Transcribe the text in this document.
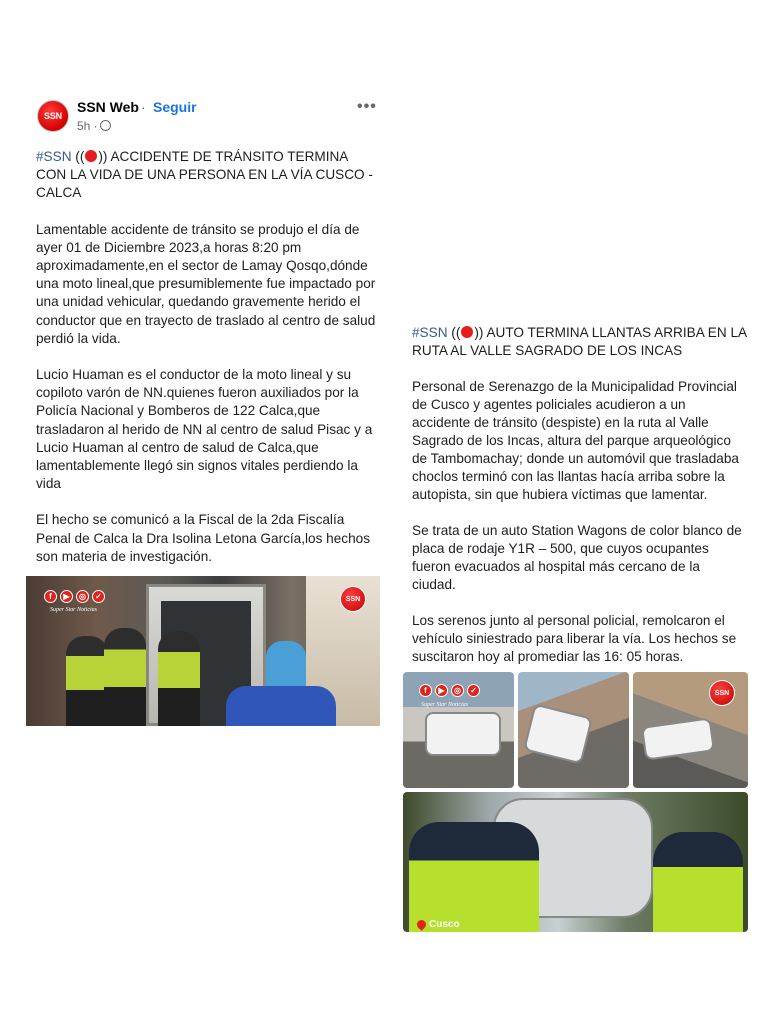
SSN
SSN Web · Seguir
5h ·
•••

#SSN (( )) ACCIDENTE DE TRÁNSITO TERMINA CON LA VIDA DE UNA PERSONA EN LA VÍA CUSCO - CALCA

Lamentable accidente de tránsito se produjo el día de ayer 01 de Diciembre 2023,a horas 8:20 pm aproximadamente,en el sector de Lamay Qosqo,dónde una moto lineal,que presumiblemente fue impactado por una unidad vehicular, quedando gravemente herido el conductor que en trayecto de traslado al centro de salud perdió la vida.

Lucio Huaman es el conductor de la moto lineal y su copiloto varón de NN.quienes fueron auxiliados por la Policía Nacional y Bomberos de 122 Calca,que trasladaron al herido de NN al centro de salud Pisac y a Lucio Huaman al centro de salud de Calca,que lamentablemente llegó sin signos vitales perdiendo la vida

El hecho se comunicó a la Fiscal de la 2da Fiscalía Penal de Calca la Dra Isolina Letona García,los hechos son materia de investigación.

f	▶	◎	✓
Super Star Noticias
SSN

#SSN (( )) AUTO TERMINA LLANTAS ARRIBA EN LA RUTA AL VALLE SAGRADO DE LOS INCAS

Personal de Serenazgo de la Municipalidad Provincial de Cusco y agentes policiales acudieron a un accidente de tránsito (despiste) en la ruta al Valle Sagrado de los Incas, altura del parque arqueológico de Tambomachay; donde un automóvil que trasladaba choclos terminó con las llantas hacía arriba sobre la autopista, sin que hubiera víctimas que lamentar.

Se trata de un auto Station Wagons de color blanco de placa de rodaje Y1R – 500, que cuyos ocupantes fueron evacuados al hospital más cercano de la ciudad.

Los serenos junto al personal policial, remolcaron el vehículo siniestrado para liberar la vía. Los hechos se suscitaron hoy al promediar las 16: 05 horas.

f	▶	◎	✓
Super Star Noticias
SSN
Cusco
